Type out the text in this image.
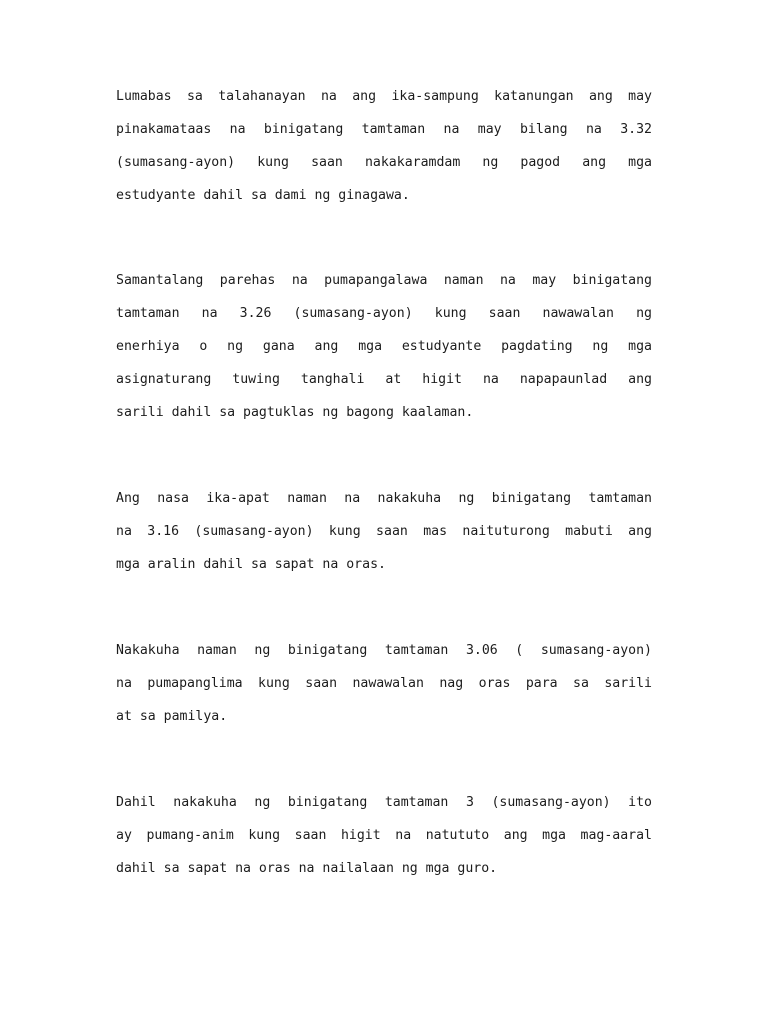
Lumabas sa talahanayan na ang ika-sampung katanungan ang may
pinakamataas na binigatang tamtaman na may bilang na 3.32
(sumasang-ayon) kung saan nakakaramdam ng pagod ang mga
estudyante dahil sa dami ng ginagawa.
Samantalang parehas na pumapangalawa naman na may binigatang
tamtaman na 3.26 (sumasang-ayon) kung saan nawawalan ng
enerhiya o ng gana ang mga estudyante pagdating ng mga
asignaturang tuwing tanghali at higit na napapaunlad ang
sarili dahil sa pagtuklas ng bagong kaalaman.
Ang nasa ika-apat naman na nakakuha ng binigatang tamtaman
na 3.16 (sumasang-ayon) kung saan mas naituturong mabuti ang
mga aralin dahil sa sapat na oras.
Nakakuha naman ng binigatang tamtaman 3.06 ( sumasang-ayon)
na pumapanglima kung saan nawawalan nag oras para sa sarili
at sa pamilya.
Dahil nakakuha ng binigatang tamtaman 3 (sumasang-ayon) ito
ay pumang-anim kung saan higit na natututo ang mga mag-aaral
dahil sa sapat na oras na nailalaan ng mga guro.
